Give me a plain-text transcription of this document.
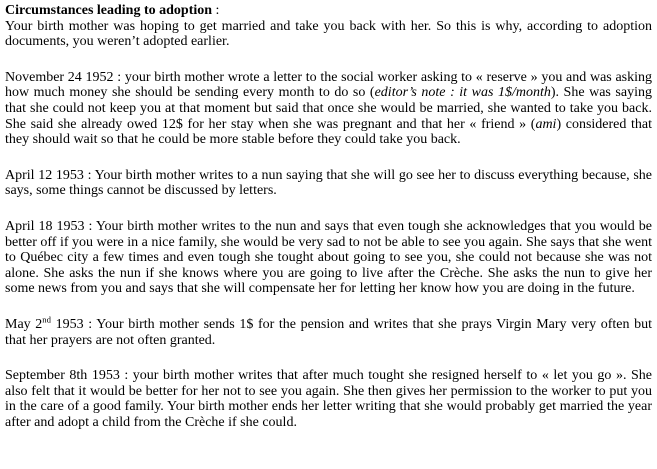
Circumstances leading to adoption :

Your birth mother was hoping to get married and take you back with her. So this is why, according to adoption documents, you weren’t adopted earlier.

November 24 1952 : your birth mother wrote a letter to the social worker asking to « reserve » you and was asking how much money she should be sending every month to do so (editor’s note : it was 1$/month). She was saying that she could not keep you at that moment but said that once she would be married, she wanted to take you back. She said she already owed 12$ for her stay when she was pregnant and that her « friend » (ami) considered that they should wait so that he could be more stable before they could take you back.

April 12 1953 : Your birth mother writes to a nun saying that she will go see her to discuss everything because, she says, some things cannot be discussed by letters.

April 18 1953 : Your birth mother writes to the nun and says that even tough she acknowledges that you would be better off if you were in a nice family, she would be very sad to not be able to see you again. She says that she went to Québec city a few times and even tough she tought about going to see you, she could not because she was not alone. She asks the nun if she knows where you are going to live after the Crèche. She asks the nun to give her some news from you and says that she will compensate her for letting her know how you are doing in the future.

May 2nd 1953 : Your birth mother sends 1$ for the pension and writes that she prays Virgin Mary very often but that her prayers are not often granted.

September 8th 1953 : your birth mother writes that after much tought she resigned herself to « let you go ». She also felt that it would be better for her not to see you again. She then gives her permission to the worker to put you in the care of a good family. Your birth mother ends her letter writing that she would probably get married the year after and adopt a child from the Crèche if she could.
